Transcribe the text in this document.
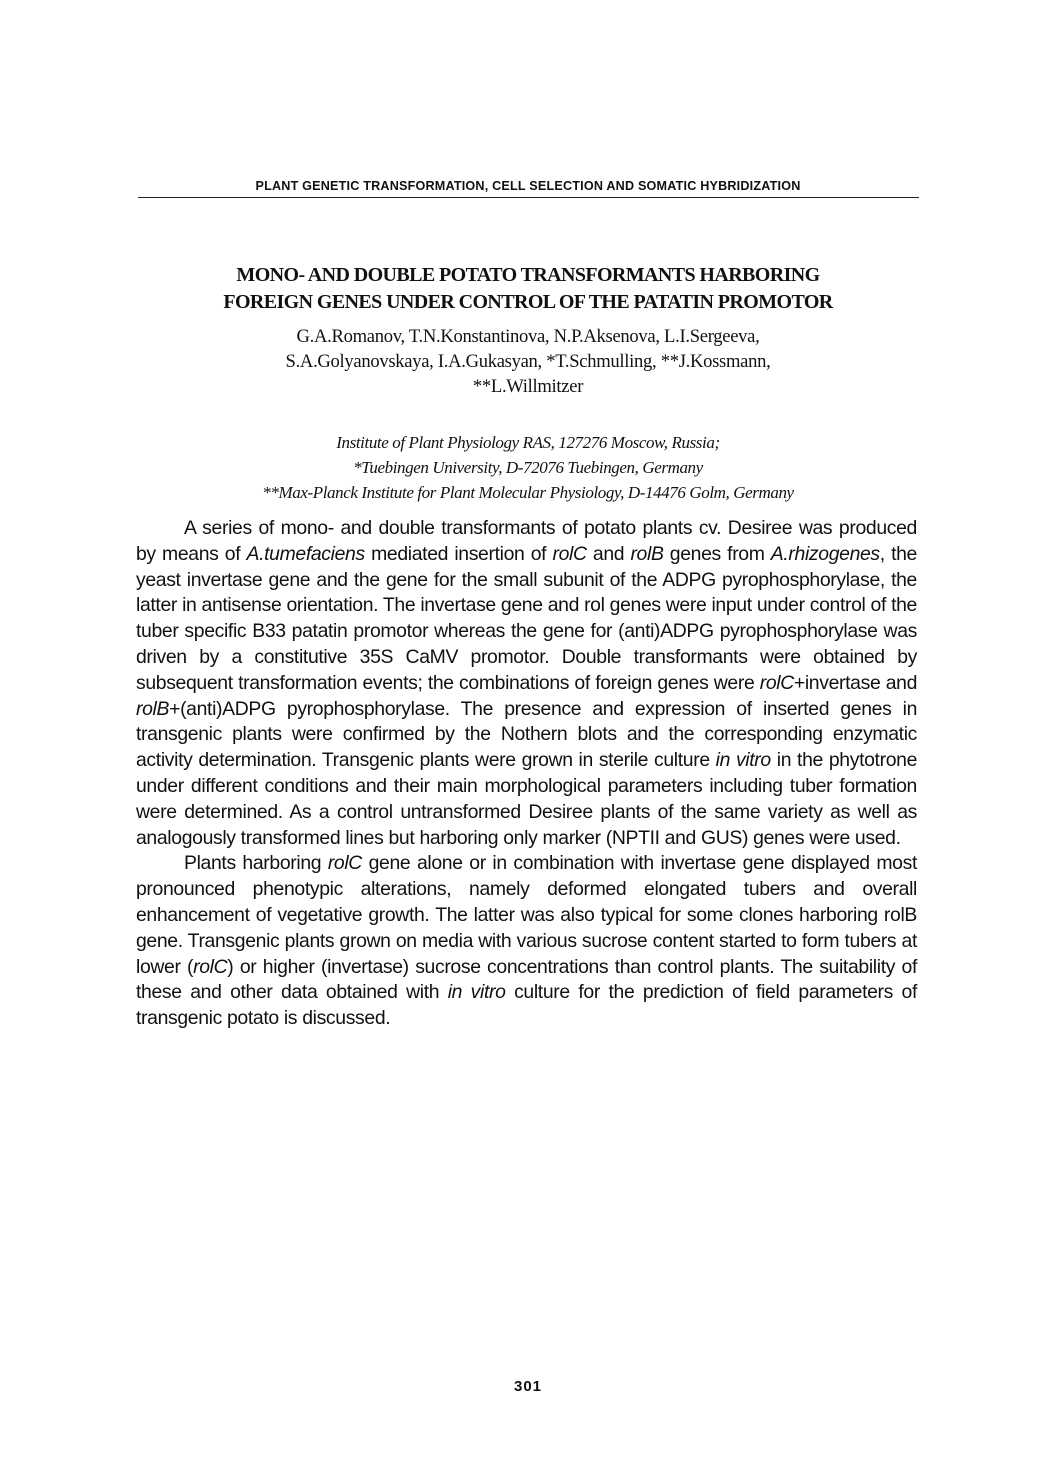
PLANT GENETIC TRANSFORMATION, CELL SELECTION AND SOMATIC HYBRIDIZATION
MONO- AND DOUBLE POTATO TRANSFORMANTS HARBORING
FOREIGN GENES UNDER CONTROL OF THE PATATIN PROMOTOR
G.A.Romanov, T.N.Konstantinova, N.P.Aksenova, L.I.Sergeeva,
S.A.Golyanovskaya, I.A.Gukasyan, *T.Schmulling, **J.Kossmann,
**L.Willmitzer
Institute of Plant Physiology RAS, 127276 Moscow, Russia;
*Tuebingen University, D-72076 Tuebingen, Germany
**Max-Planck Institute for Plant Molecular Physiology, D-14476 Golm, Germany

A series of mono- and double transformants of potato plants cv. Desiree was produced by means of A.tumefaciens mediated insertion of rolC and rolB genes from A.rhizogenes, the yeast invertase gene and the gene for the small subunit of the ADPG pyrophosphorylase, the latter in antisense orientation. The invertase gene and rol genes were input under control of the tuber specific B33 patatin promotor whereas the gene for (anti)ADPG pyrophosphorylase was driven by a constitutive 35S CaMV promotor. Double transformants were obtained by subsequent transformation events; the combinations of foreign genes were rolC+invertase and rolB+(anti)ADPG pyrophosphorylase. The presence and expression of inserted genes in transgenic plants were confirmed by the Nothern blots and the corresponding enzymatic activity determination. Transgenic plants were grown in sterile culture in vitro in the phytotrone under different conditions and their main morphological parameters including tuber formation were determined. As a control untransformed Desiree plants of the same variety as well as analogously transformed lines but harboring only marker (NPTII and GUS) genes were used.

Plants harboring rolC gene alone or in combination with invertase gene displayed most pronounced phenotypic alterations, namely deformed elongated tubers and overall enhancement of vegetative growth. The latter was also typical for some clones harboring rolB gene. Transgenic plants grown on media with various sucrose content started to form tubers at lower (rolC) or higher (invertase) sucrose concentrations than control plants. The suitability of these and other data obtained with in vitro culture for the prediction of field parameters of transgenic potato is discussed.

301
